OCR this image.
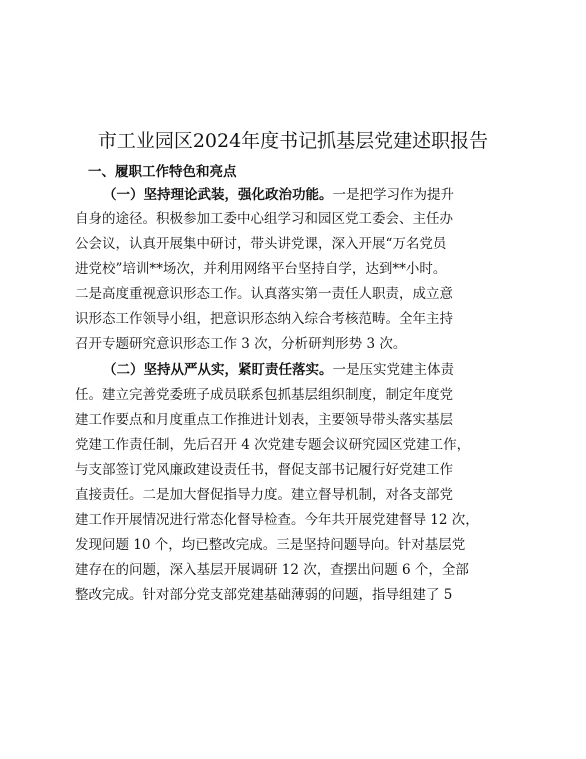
市工业园区2024年度书记抓基层党建述职报告
一、履职工作特色和亮点
（一）坚持理论武装，强化政治功能。一是把学习作为提升
自身的途径。积极参加工委中心组学习和园区党工委会、主任办
公会议，认真开展集中研讨，带头讲党课，深入开展“万名党员
进党校”培训**场次，并利用网络平台坚持自学，达到**小时。
二是高度重视意识形态工作。认真落实第一责任人职责，成立意
识形态工作领导小组，把意识形态纳入综合考核范畴。全年主持
召开专题研究意识形态工作 3 次，分析研判形势 3 次。
（二）坚持从严从实，紧盯责任落实。一是压实党建主体责
任。建立完善党委班子成员联系包抓基层组织制度，制定年度党
建工作要点和月度重点工作推进计划表，主要领导带头落实基层
党建工作责任制，先后召开 4 次党建专题会议研究园区党建工作，
与支部签订党风廉政建设责任书，督促支部书记履行好党建工作
直接责任。二是加大督促指导力度。建立督导机制，对各支部党
建工作开展情况进行常态化督导检查。今年共开展党建督导 12 次，
发现问题 10 个，均已整改完成。三是坚持问题导向。针对基层党
建存在的问题，深入基层开展调研 12 次，查摆出问题 6 个，全部
整改完成。针对部分党支部党建基础薄弱的问题，指导组建了 5
